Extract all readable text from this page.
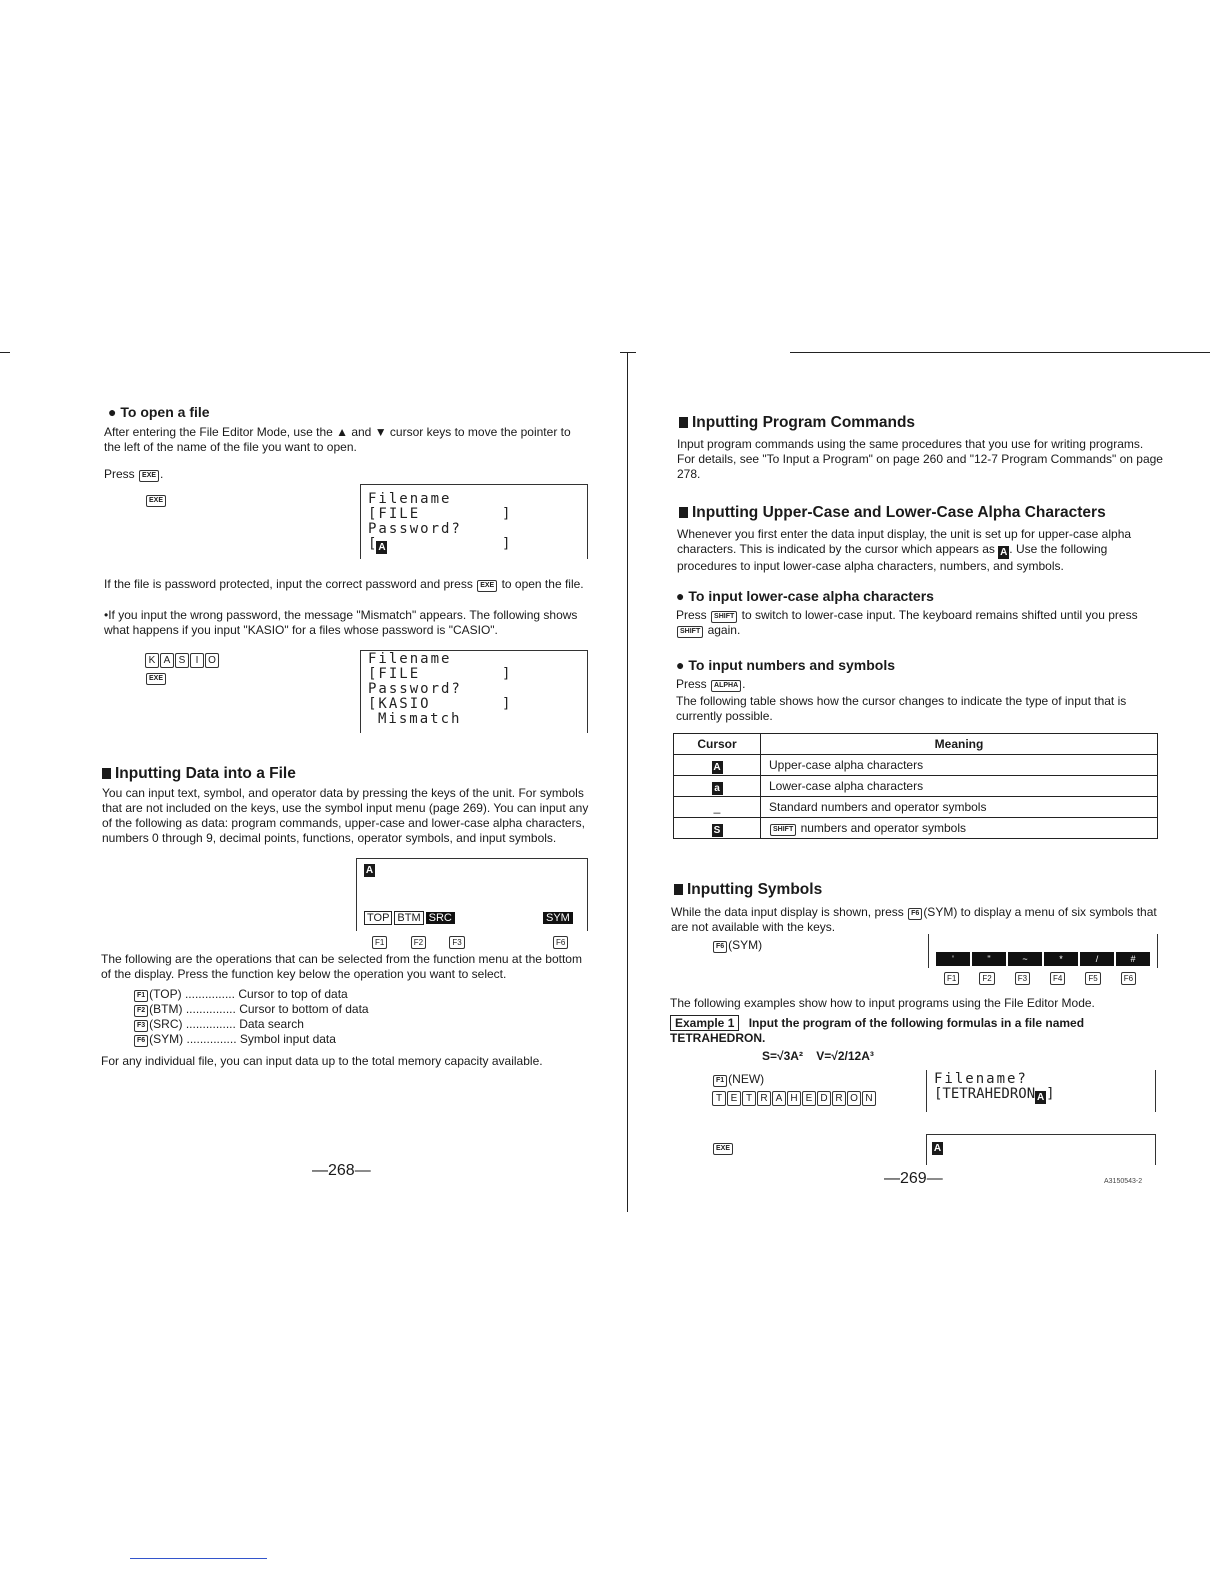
● To open a file
After entering the File Editor Mode, use the ▲ and ▼ cursor keys to move the pointer to the left of the name of the file you want to open.
Press EXE .
EXE	Filename
[FILE	]
Password?
[ A	]
If the file is password protected, input the correct password and press EXE to open the file.
•If you input the wrong password, the message "Mismatch" appears. The following shows what happens if you input "KASIO" for a files whose password is "CASIO".
K A S I O
EXE
Filename
[FILE	]
Password?
[KASIO	]
Mismatch
Inputting Data into a File
You can input text, symbol, and operator data by pressing the keys of the unit. For symbols that are not included on the keys, use the symbol input menu (page 269). You can input any of the following as data: program commands, upper-case and lower-case alpha characters, numbers 0 through 9, decimal points, functions, operator symbols, and input symbols.
A
TOP BTM SRC	SYM
F1	F2	F3	F6
The following are the operations that can be selected from the function menu at the bottom of the display. Press the function key below the operation you want to select.
F1 (TOP) ............... Cursor to top of data
F2 (BTM) ............... Cursor to bottom of data
F3 (SRC) ............... Data search
F6 (SYM) ............... Symbol input data
For any individual file, you can input data up to the total memory capacity available.
—268—
Inputting Program Commands
Input program commands using the same procedures that you use for writing programs. For details, see "To Input a Program" on page 260 and "12-7 Program Commands" on page 278.
Inputting Upper-Case and Lower-Case Alpha Characters
Whenever you first enter the data input display, the unit is set up for upper-case alpha characters. This is indicated by the cursor which appears as A . Use the following procedures to input lower-case alpha characters, numbers, and symbols.
● To input lower-case alpha characters
Press SHIFT to switch to lower-case input. The keyboard remains shifted until you press SHIFT again.
● To input numbers and symbols
Press ALPHA .
The following table shows how the cursor changes to indicate the type of input that is currently possible.
Cursor	Meaning
A	Upper-case alpha characters
a	Lower-case alpha characters
_	Standard numbers and operator symbols
S	SHIFT numbers and operator symbols
Inputting Symbols
While the data input display is shown, press F6 (SYM) to display a menu of six symbols that are not available with the keys.
F6 (SYM)
'	"	~	*	/	#
F1	F2	F3	F4	F5	F6
The following examples show how to input programs using the File Editor Mode.
Example 1 Input the program of the following formulas in a file named TETRAHEDRON.
S=√3A²    V=√2/12A³
F1 (NEW)
T E T R A H E D R O N
Filename?
[TETRAHEDRON A ]
EXE	A
—269—	A3150543-2
